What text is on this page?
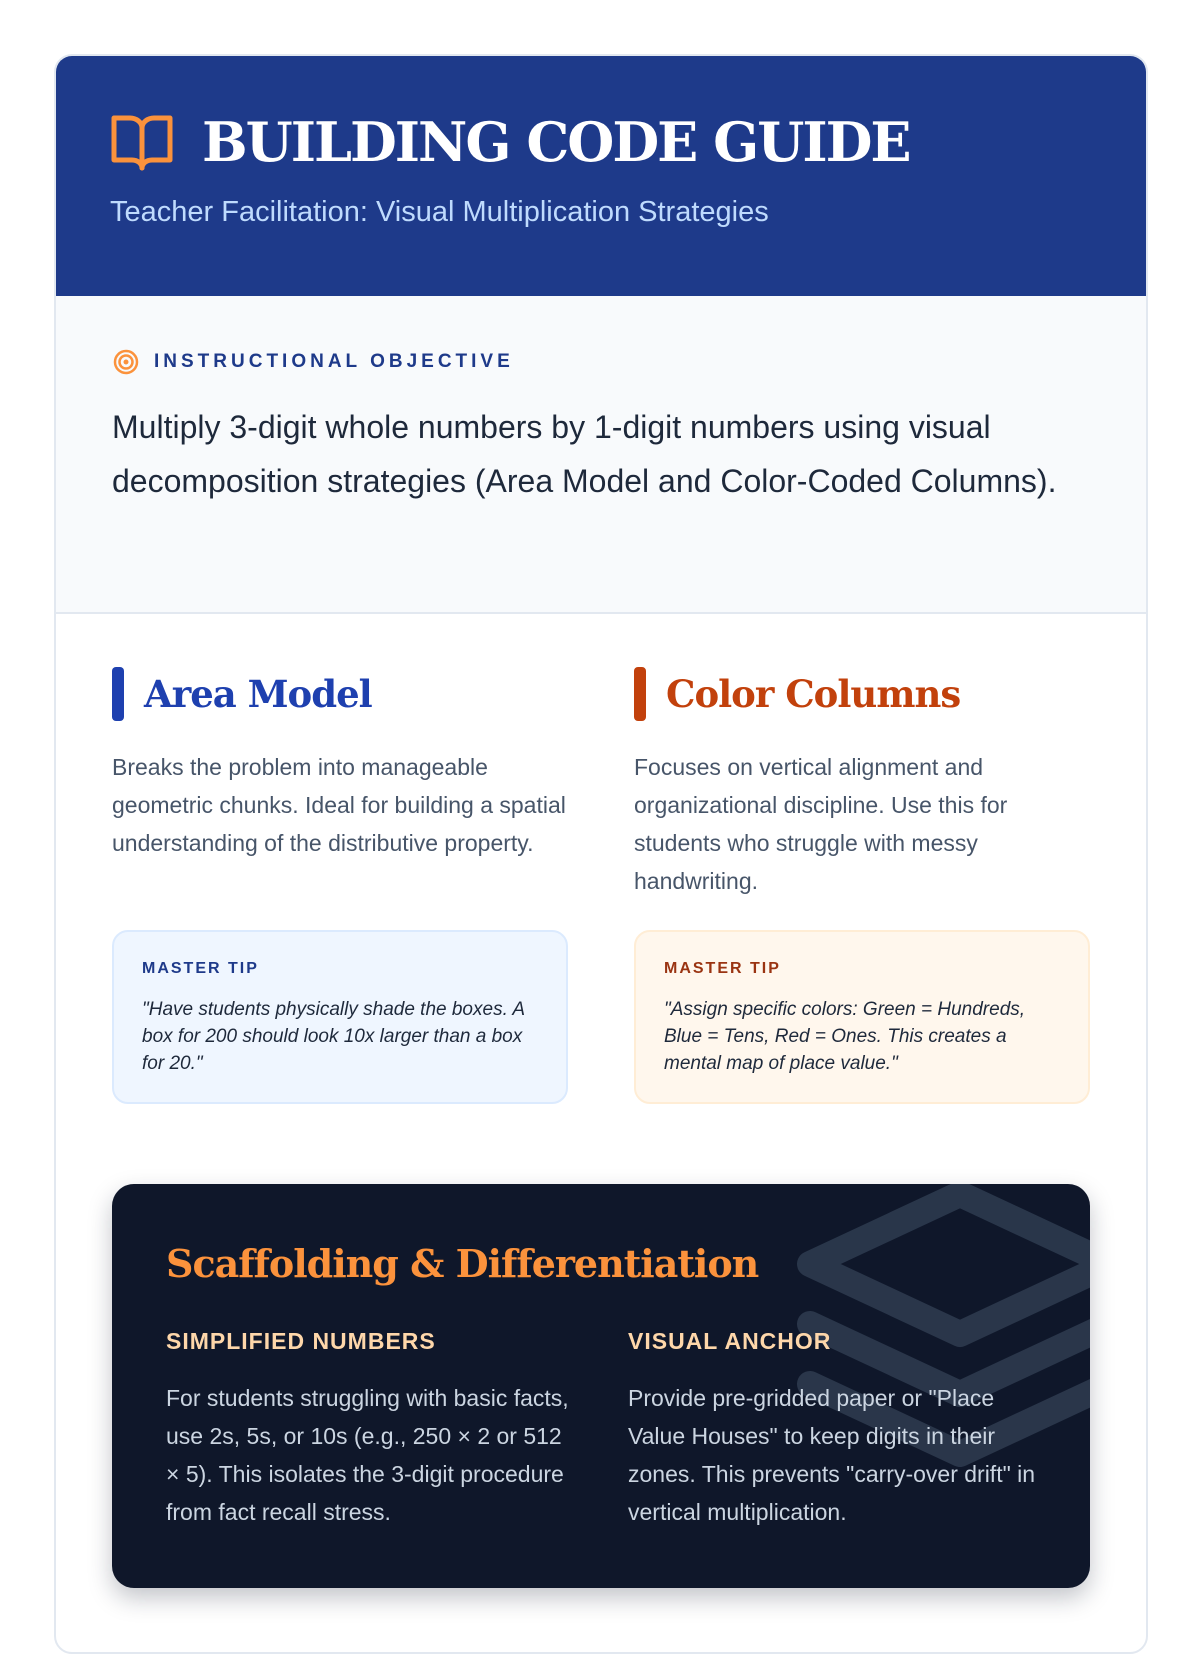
BUILDING CODE GUIDE
Teacher Facilitation: Visual Multiplication Strategies
INSTRUCTIONAL OBJECTIVE
Multiply 3-digit whole numbers by 1-digit numbers using visual decomposition strategies (Area Model and Color-Coded Columns).
Area Model
Breaks the problem into manageable geometric chunks. Ideal for building a spatial understanding of the distributive property.
MASTER TIP
"Have students physically shade the boxes. A box for 200 should look 10x larger than a box for 20."
Color Columns
Focuses on vertical alignment and organizational discipline. Use this for students who struggle with messy handwriting.
MASTER TIP
"Assign specific colors: Green = Hundreds, Blue = Tens, Red = Ones. This creates a mental map of place value."
Scaffolding & Differentiation
SIMPLIFIED NUMBERS
For students struggling with basic facts, use 2s, 5s, or 10s (e.g., 250 × 2 or 512 × 5). This isolates the 3-digit procedure from fact recall stress.
VISUAL ANCHOR
Provide pre-gridded paper or "Place Value Houses" to keep digits in their zones. This prevents "carry-over drift" in vertical multiplication.
